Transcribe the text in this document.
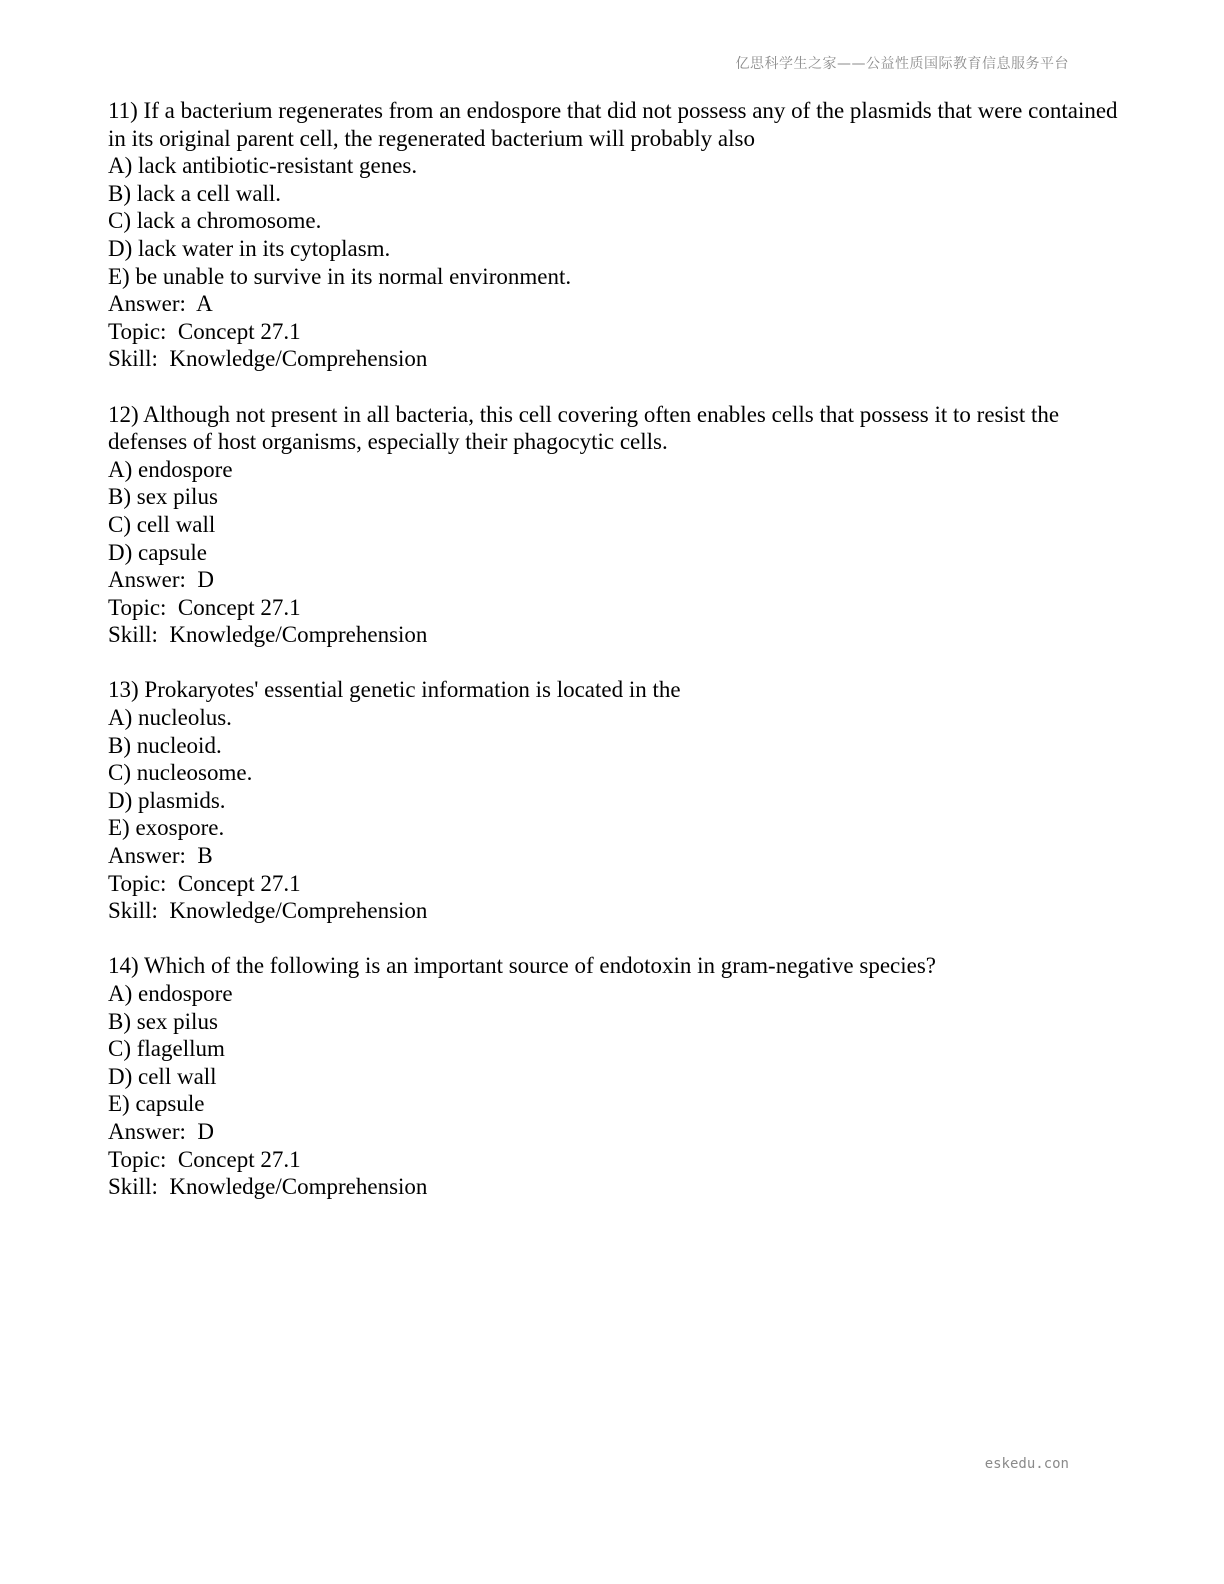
亿思科学生之家——公益性质国际教育信息服务平台
11) If a bacterium regenerates from an endospore that did not possess any of the plasmids that were contained in its original parent cell, the regenerated bacterium will probably also
A) lack antibiotic-resistant genes.
B) lack a cell wall.
C) lack a chromosome.
D) lack water in its cytoplasm.
E) be unable to survive in its normal environment.
Answer:  A
Topic:  Concept 27.1
Skill:  Knowledge/Comprehension
12) Although not present in all bacteria, this cell covering often enables cells that possess it to resist the defenses of host organisms, especially their phagocytic cells.
A) endospore
B) sex pilus
C) cell wall
D) capsule
Answer:  D
Topic:  Concept 27.1
Skill:  Knowledge/Comprehension
13) Prokaryotes' essential genetic information is located in the
A) nucleolus.
B) nucleoid.
C) nucleosome.
D) plasmids.
E) exospore.
Answer:  B
Topic:  Concept 27.1
Skill:  Knowledge/Comprehension
14) Which of the following is an important source of endotoxin in gram-negative species?
A) endospore
B) sex pilus
C) flagellum
D) cell wall
E) capsule
Answer:  D
Topic:  Concept 27.1
Skill:  Knowledge/Comprehension
eskedu.con
